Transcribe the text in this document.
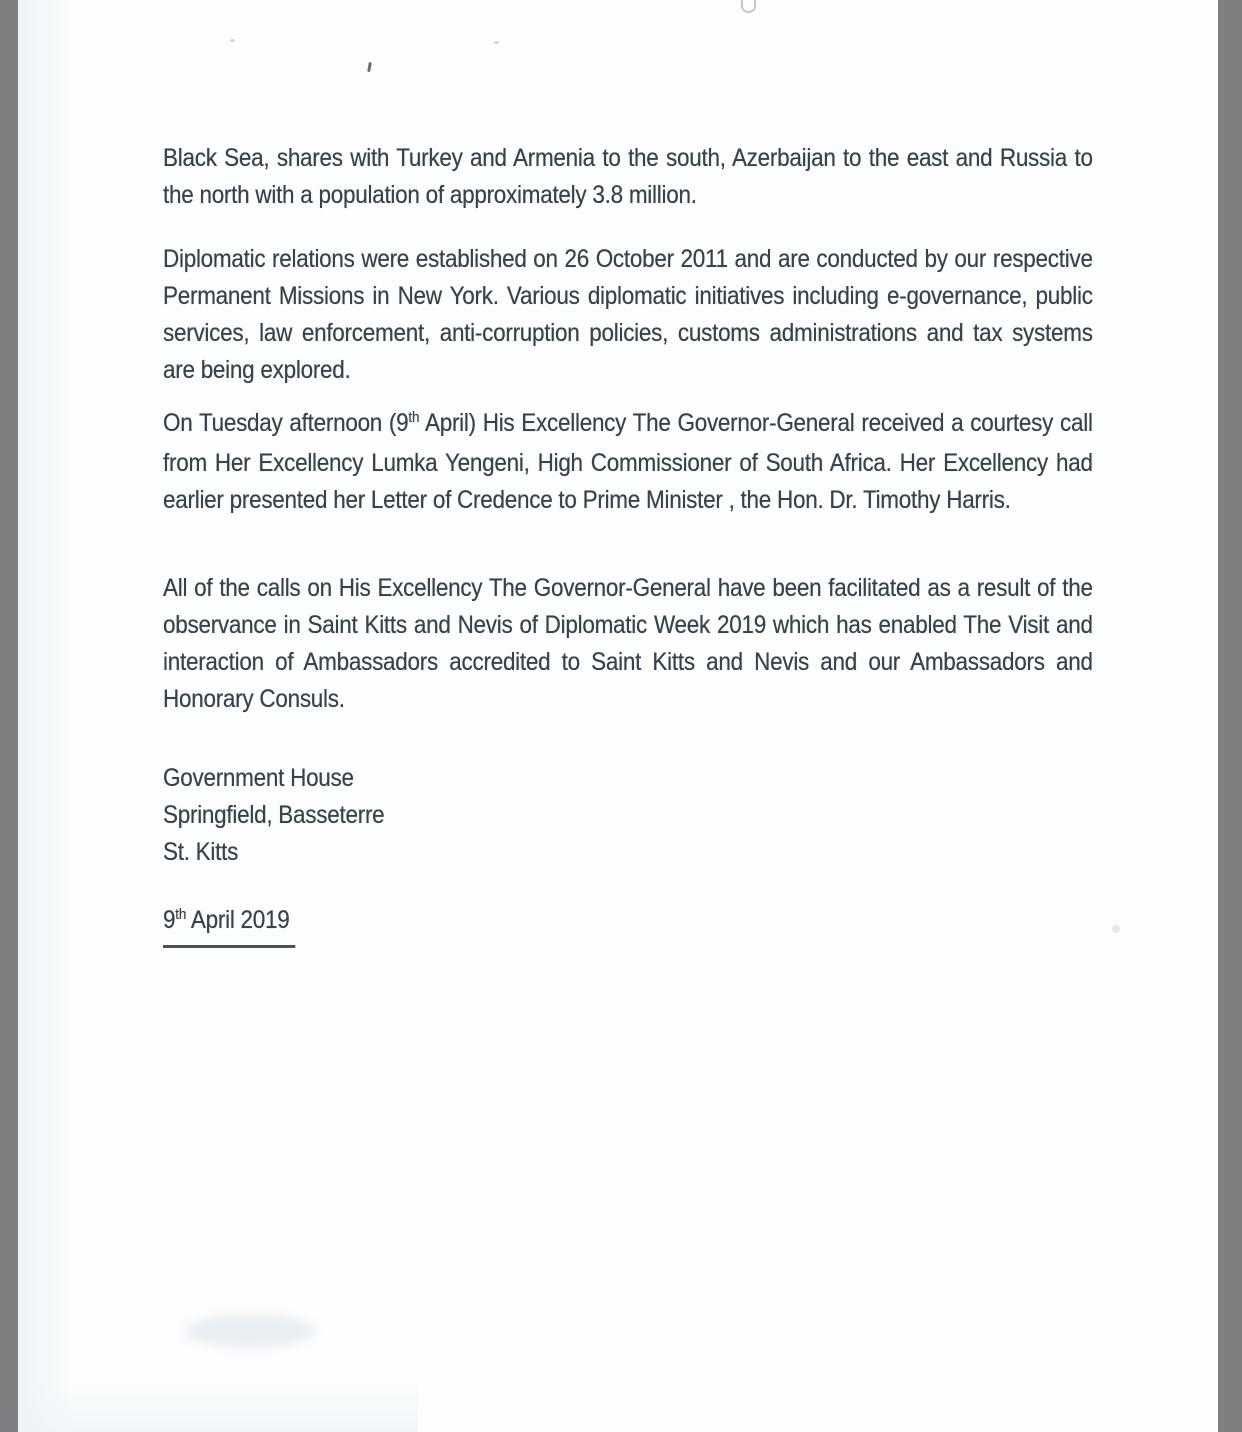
Black Sea, shares with Turkey and Armenia to the south, Azerbaijan to the east and Russia to the north with a population of approximately 3.8 million.

Diplomatic relations were established on 26 October 2011 and are conducted by our respective Permanent Missions in New York. Various diplomatic initiatives including e-governance, public services, law enforcement, anti-corruption policies, customs administrations and tax systems are being explored.

On Tuesday afternoon (9th April) His Excellency The Governor-General received a courtesy call from Her Excellency Lumka Yengeni, High Commissioner of South Africa. Her Excellency had earlier presented her Letter of Credence to Prime Minister , the Hon. Dr. Timothy Harris.

All of the calls on His Excellency The Governor-General have been facilitated as a result of the observance in Saint Kitts and Nevis of Diplomatic Week 2019 which has enabled The Visit and interaction of Ambassadors accredited to Saint Kitts and Nevis and our Ambassadors and Honorary Consuls.

Government House
Springfield, Basseterre
St. Kitts
9th April 2019
